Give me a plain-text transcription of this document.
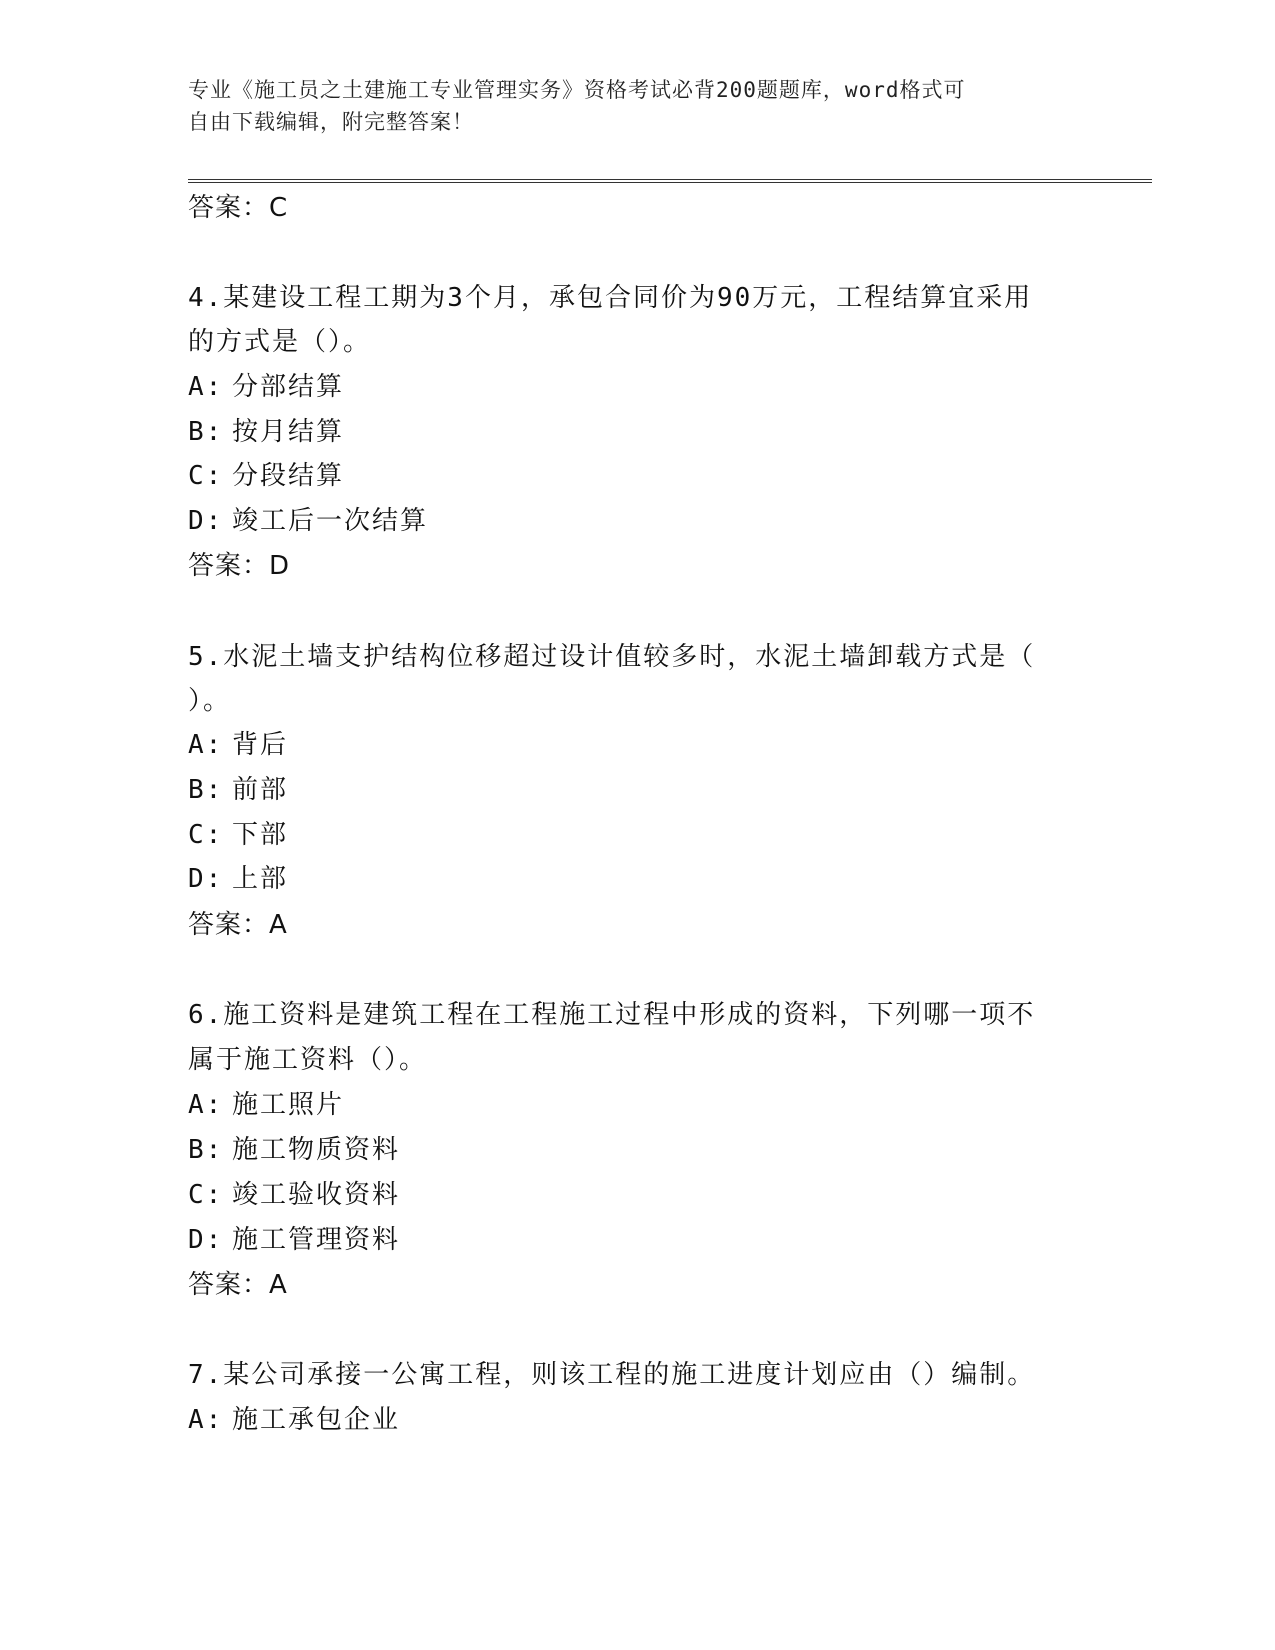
专业《施工员之土建施工专业管理实务》资格考试必背200题题库，word格式可
自由下载编辑，附完整答案！
答案：C
4.某建设工程工期为3个月，承包合同价为90万元，工程结算宜采用
的方式是（）。
A: 分部结算
B: 按月结算
C: 分段结算
D: 竣工后一次结算
答案：D
5.水泥土墙支护结构位移超过设计值较多时，水泥土墙卸载方式是（
）。
A: 背后
B: 前部
C: 下部
D: 上部
答案：A
6.施工资料是建筑工程在工程施工过程中形成的资料，下列哪一项不
属于施工资料（）。
A: 施工照片
B: 施工物质资料
C: 竣工验收资料
D: 施工管理资料
答案：A
7.某公司承接一公寓工程，则该工程的施工进度计划应由（）编制。
A: 施工承包企业
